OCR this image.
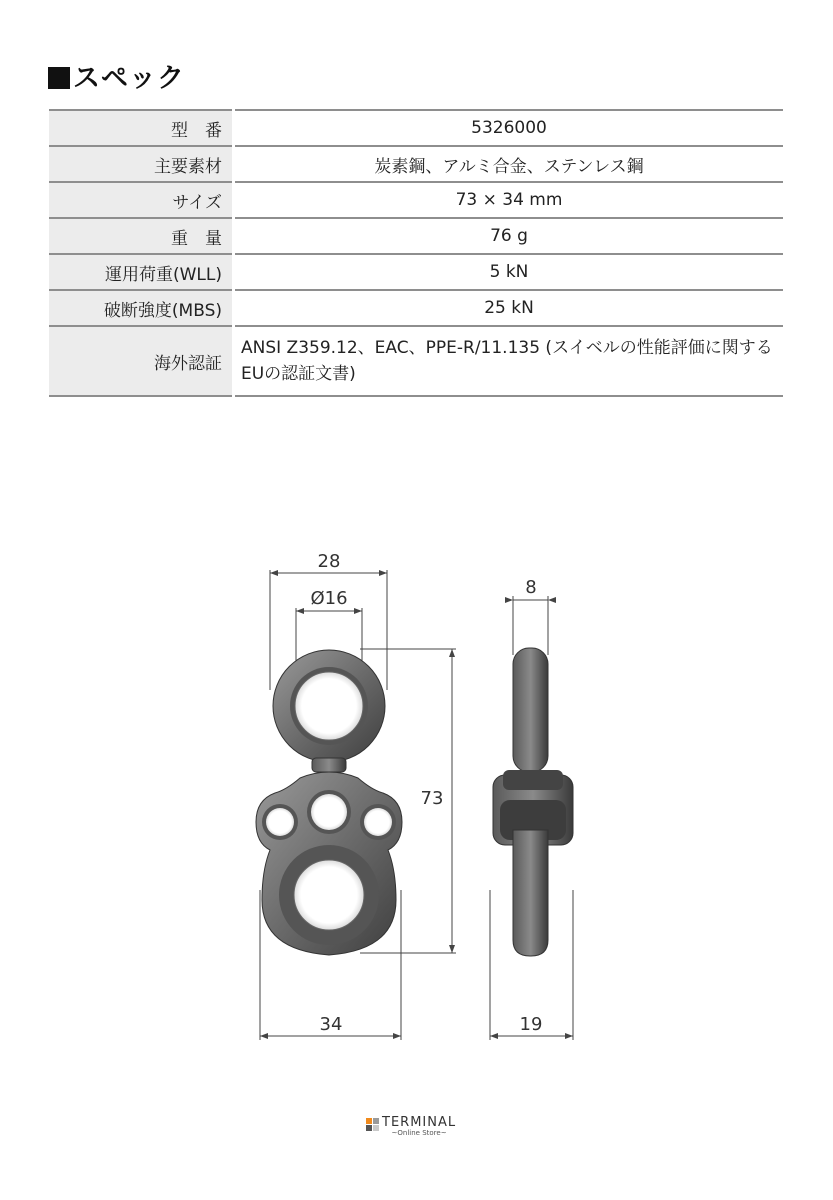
スペック
型　番	5326000
主要素材	炭素鋼、アルミ合金、ステンレス鋼
サイズ	73 × 34 mm
重　量	76 g
運用荷重(WLL)	5 kN
破断強度(MBS)	25 kN
海外認証	ANSI Z359.12、EAC、PPE-R/11.135 (スイベルの性能評価に関するEUの認証文書)
28
Ø16
73
34
8
19
TERMINAL
~Online Store~
